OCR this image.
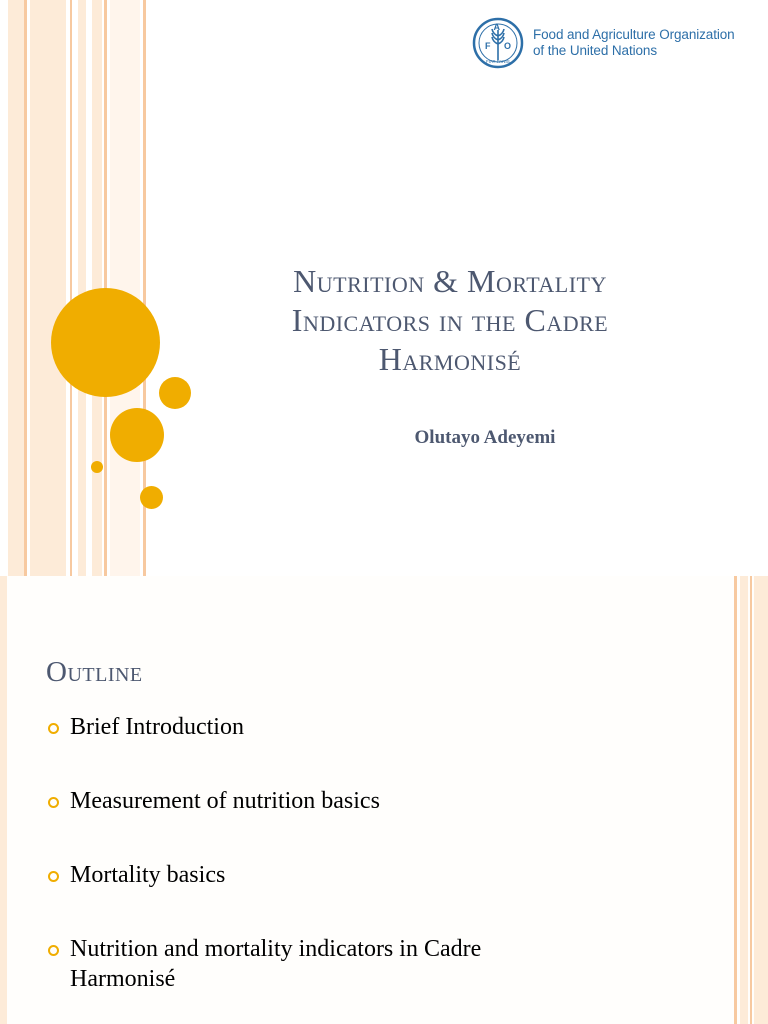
F
A
O
FIAT PANIS
Food and Agriculture Organization
of the United Nations
Nutrition & Mortality
Indicators in the Cadre
Harmonisé
Olutayo Adeyemi
Outline
Brief Introduction
Measurement of nutrition basics
Mortality basics
Nutrition and mortality indicators in Cadre Harmonisé
